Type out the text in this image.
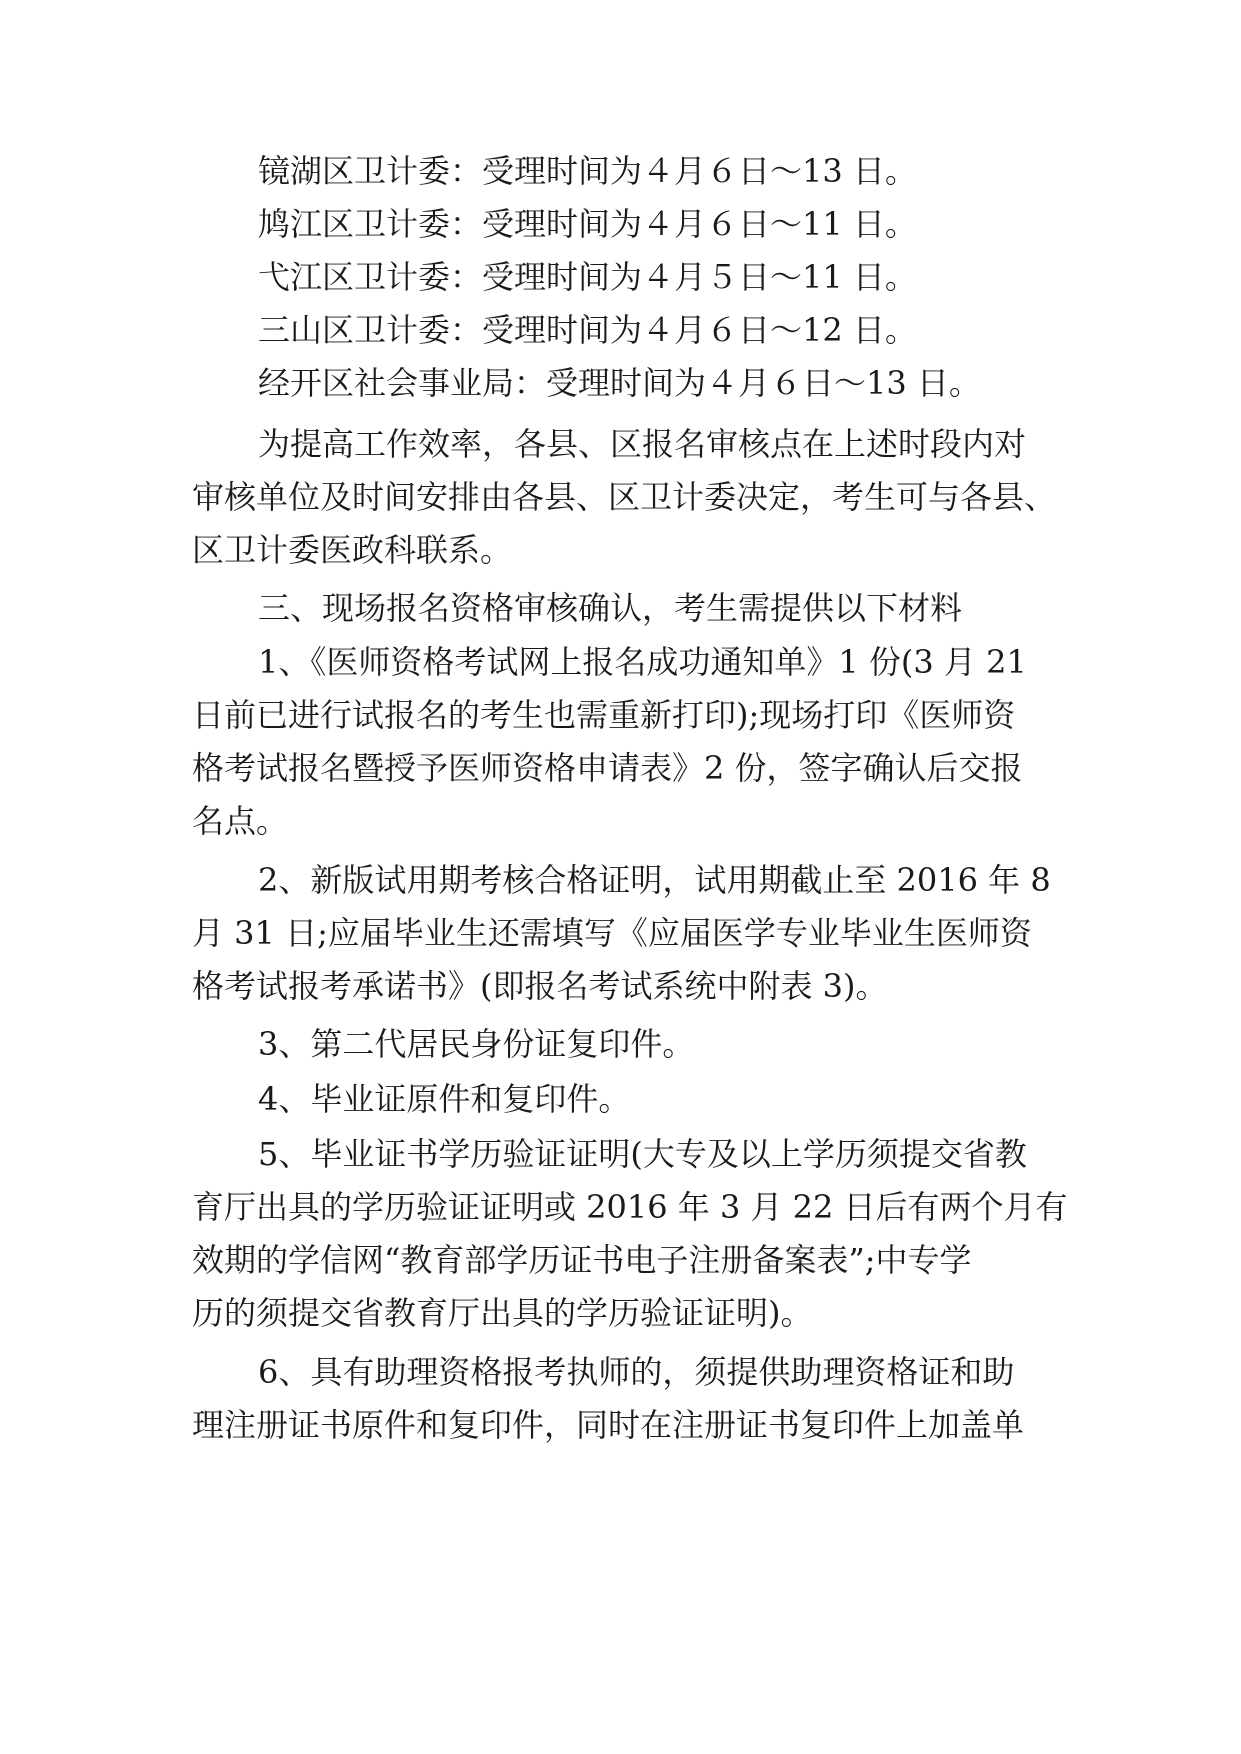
镜湖区卫计委：受理时间为４月６日～13 日。
鸠江区卫计委：受理时间为４月６日～11 日。
弋江区卫计委：受理时间为４月５日～11 日。
三山区卫计委：受理时间为４月６日～12 日。
经开区社会事业局：受理时间为４月６日～13 日。
为提高工作效率，各县、区报名审核点在上述时段内对
审核单位及时间安排由各县、区卫计委决定，考生可与各县、
区卫计委医政科联系。
三、现场报名资格审核确认，考生需提供以下材料
1、《医师资格考试网上报名成功通知单》1 份(3 月 21
日前已进行试报名的考生也需重新打印);现场打印《医师资
格考试报名暨授予医师资格申请表》2 份，签字确认后交报
名点。
2、新版试用期考核合格证明，试用期截止至 2016 年 8
月 31 日;应届毕业生还需填写《应届医学专业毕业生医师资
格考试报考承诺书》(即报名考试系统中附表 3)。
3、第二代居民身份证复印件。
4、毕业证原件和复印件。
5、毕业证书学历验证证明(大专及以上学历须提交省教
育厅出具的学历验证证明或 2016 年 3 月 22 日后有两个月有
效期的学信网“教育部学历证书电子注册备案表”;中专学
历的须提交省教育厅出具的学历验证证明)。
6、具有助理资格报考执师的，须提供助理资格证和助
理注册证书原件和复印件，同时在注册证书复印件上加盖单
